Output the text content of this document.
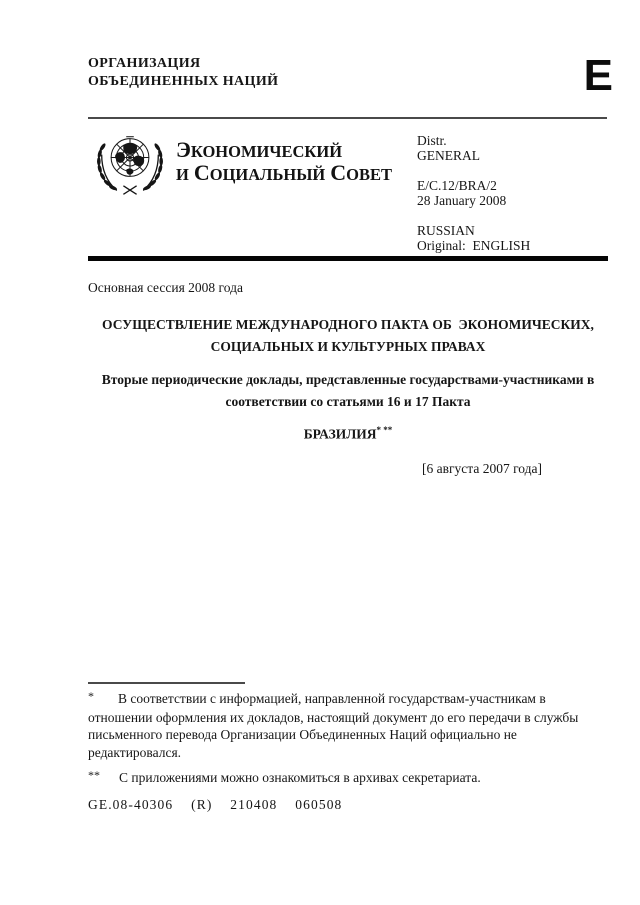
ОРГАНИЗАЦИЯ
ОБЪЕДИНЕННЫХ НАЦИЙ	E
ЭКОНОМИЧЕСКИЙ
И СОЦИАЛЬНЫЙ СОВЕТ
Distr.
GENERAL
E/C.12/BRA/2
28 January 2008
RUSSIAN
Original:  ENGLISH
Основная сессия 2008 года
ОСУЩЕСТВЛЕНИЕ МЕЖДУНАРОДНОГО ПАКТА ОБ  ЭКОНОМИЧЕСКИХ,
СОЦИАЛЬНЫХ И КУЛЬТУРНЫХ ПРАВАХ
Вторые периодические доклады, представленные государствами-участниками в
соответствии со статьями 16 и 17 Пакта
БРАЗИЛИЯ* **
[6 августа 2007 года]
* В соответствии с информацией, направленной государствам-участникам в
отношении оформления их докладов, настоящий документ до его передачи в службы
письменного перевода Организации Объединенных Наций официально не
редактировался.
** С приложениями можно ознакомиться в архивах секретариата.
GE.08-40306    (R)    210408    060508
